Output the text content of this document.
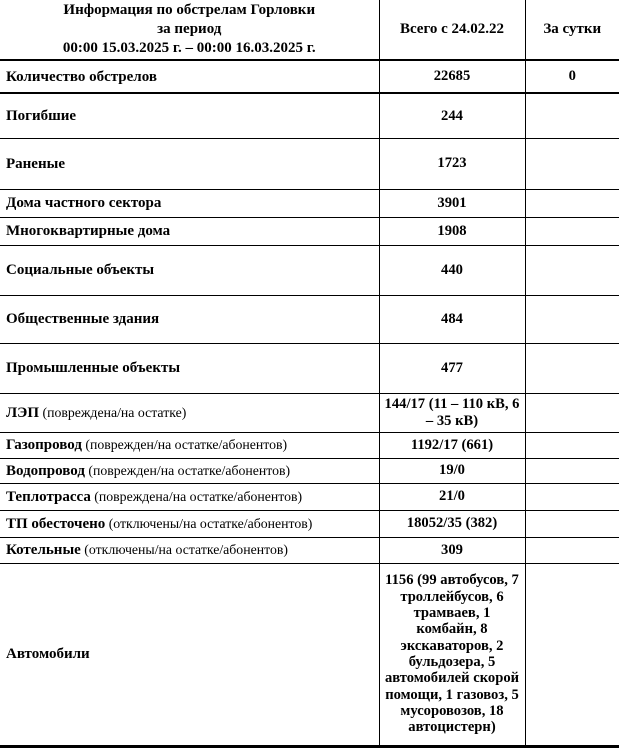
Информация по обстрелам Горловки
за период
00:00 15.03.2025 г. – 00:00 16.03.2025 г.	Всего с 24.02.22	За сутки
Количество обстрелов	22685	0
Погибшие	244	
Раненые	1723	
Дома частного сектора	3901	
Многоквартирные дома	1908	
Социальные объекты	440	
Общественные здания	484	
Промышленные объекты	477	
ЛЭП (повреждена/на остатке)	144/17 (11 – 110 кВ, 6 – 35 кВ)	
Газопровод (поврежден/на остатке/абонентов)	1192/17 (661)	
Водопровод (поврежден/на остатке/абонентов)	19/0	
Теплотрасса (повреждена/на остатке/абонентов)	21/0	
ТП обесточено (отключены/на остатке/абонентов)	18052/35 (382)	
Котельные (отключены/на остатке/абонентов)	309	
Автомобили	1156 (99 автобусов, 7 троллейбусов, 6 трамваев, 1 комбайн, 8 экскаваторов, 2 бульдозера, 5 автомобилей скорой помощи, 1 газовоз, 5 мусоровозов, 18 автоцистерн)	
